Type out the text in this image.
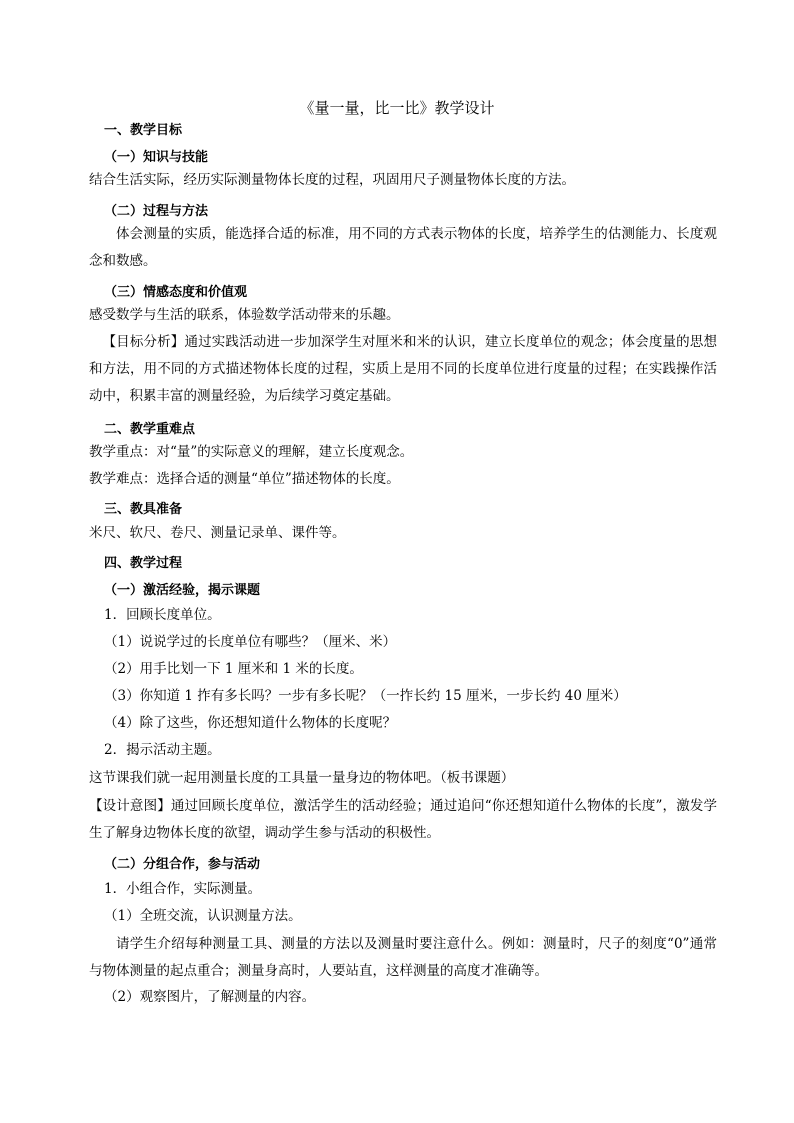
《量一量，比一比》教学设计
一、教学目标
（一）知识与技能
结合生活实际，经历实际测量物体长度的过程，巩固用尺子测量物体长度的方法。
（二）过程与方法
体会测量的实质，能选择合适的标准，用不同的方式表示物体的长度，培养学生的估测能力、长度观念和数感。
（三）情感态度和价值观
感受数学与生活的联系，体验数学活动带来的乐趣。
【目标分析】通过实践活动进一步加深学生对厘米和米的认识，建立长度单位的观念；体会度量的思想和方法，用不同的方式描述物体长度的过程，实质上是用不同的长度单位进行度量的过程；在实践操作活动中，积累丰富的测量经验，为后续学习奠定基础。
二、教学重难点
教学重点：对“量”的实际意义的理解，建立长度观念。
教学难点：选择合适的测量“单位”描述物体的长度。
三、教具准备
米尺、软尺、卷尺、测量记录单、课件等。
四、教学过程
（一）激活经验，揭示课题
1．回顾长度单位。
（1）说说学过的长度单位有哪些？（厘米、米）
（2）用手比划一下 1 厘米和 1 米的长度。
（3）你知道 1 拃有多长吗？一步有多长呢？（一拃长约 15 厘米，一步长约 40 厘米）
（4）除了这些，你还想知道什么物体的长度呢？
2．揭示活动主题。
这节课我们就一起用测量长度的工具量一量身边的物体吧。（板书课题）
【设计意图】通过回顾长度单位，激活学生的活动经验；通过追问“你还想知道什么物体的长度”，激发学生了解身边物体长度的欲望，调动学生参与活动的积极性。
（二）分组合作，参与活动
1．小组合作，实际测量。
（1）全班交流，认识测量方法。
请学生介绍每种测量工具、测量的方法以及测量时要注意什么。例如：测量时，尺子的刻度“0”通常与物体测量的起点重合；测量身高时，人要站直，这样测量的高度才准确等。
（2）观察图片，了解测量的内容。
